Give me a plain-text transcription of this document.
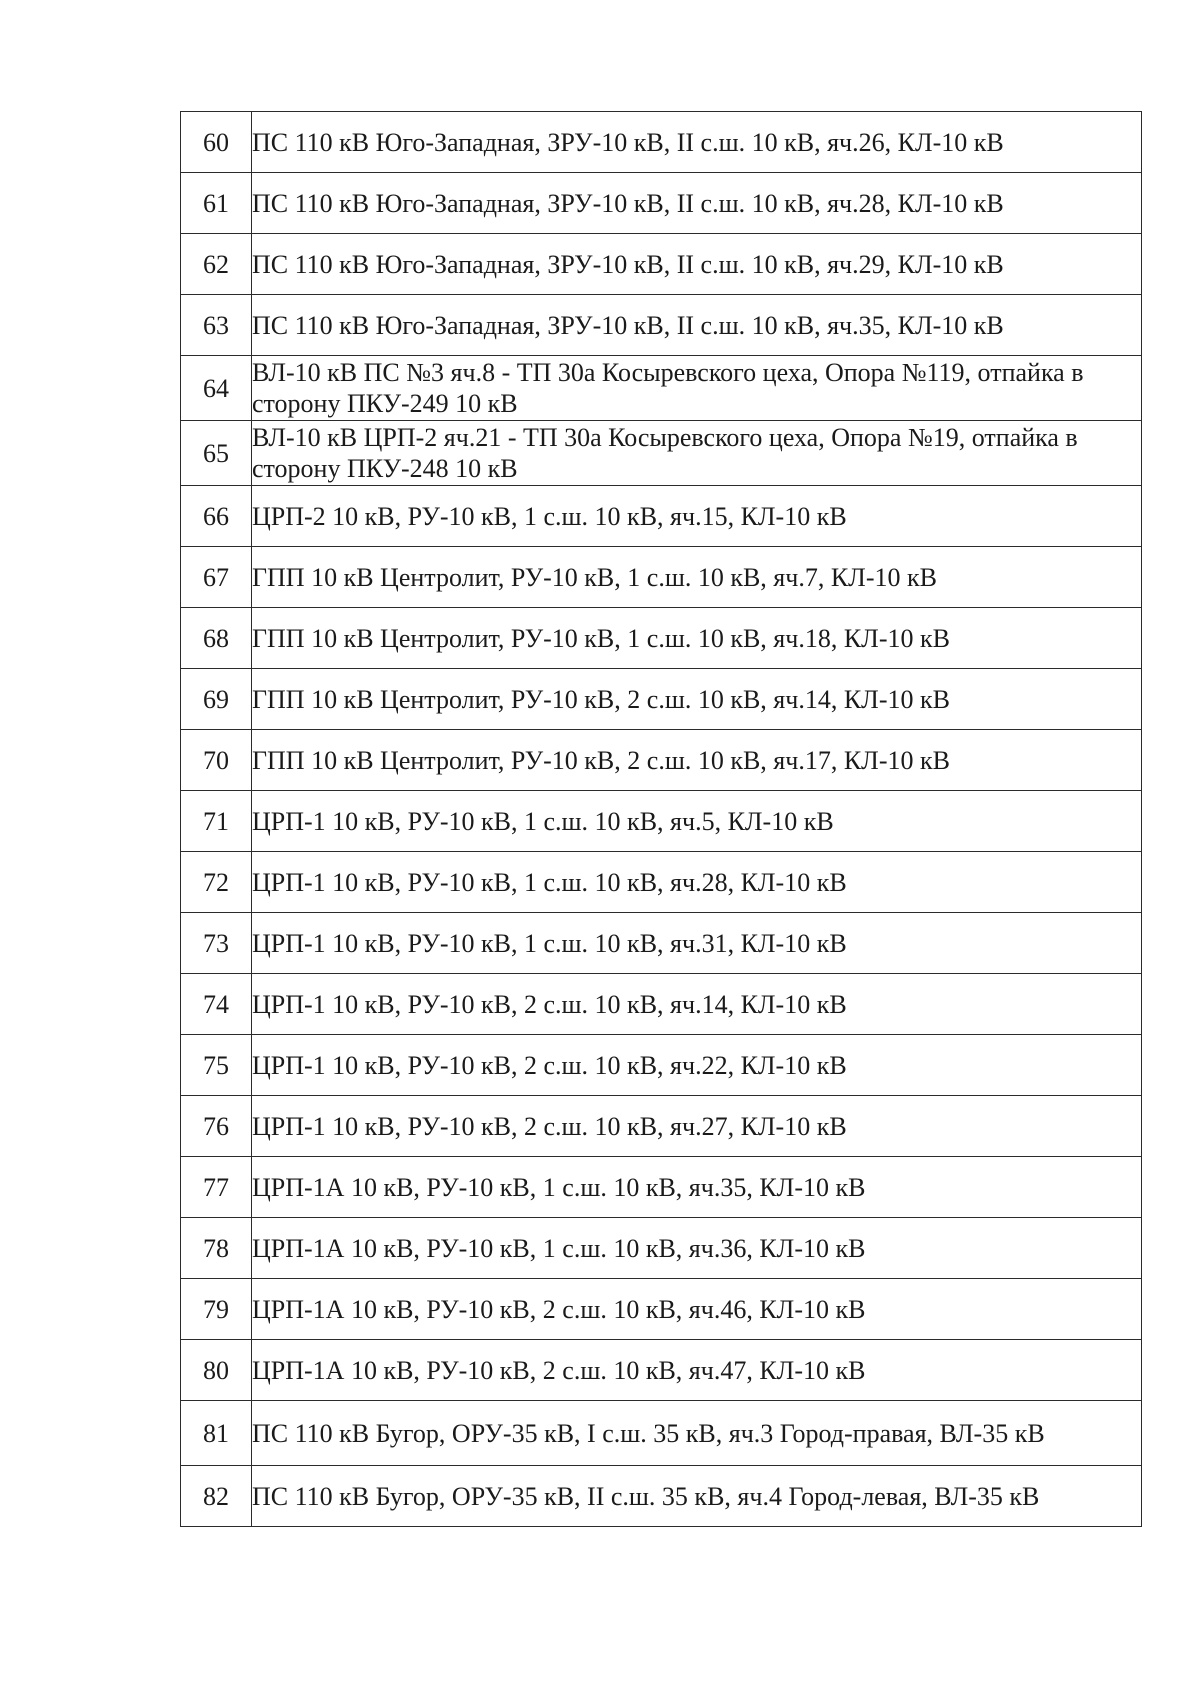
60	ПС 110 кВ Юго-Западная, ЗРУ-10 кВ, II с.ш. 10 кВ, яч.26, КЛ-10 кВ
61	ПС 110 кВ Юго-Западная, ЗРУ-10 кВ, II с.ш. 10 кВ, яч.28, КЛ-10 кВ
62	ПС 110 кВ Юго-Западная, ЗРУ-10 кВ, II с.ш. 10 кВ, яч.29, КЛ-10 кВ
63	ПС 110 кВ Юго-Западная, ЗРУ-10 кВ, II с.ш. 10 кВ, яч.35, КЛ-10 кВ
64	ВЛ-10 кВ ПС №3 яч.8 - ТП 30а Косыревского цеха, Опора №119, отпайка в сторону ПКУ-249 10 кВ
65	ВЛ-10 кВ ЦРП-2 яч.21 - ТП 30а Косыревского цеха, Опора №19, отпайка в сторону ПКУ-248 10 кВ
66	ЦРП-2 10 кВ, РУ-10 кВ, 1 с.ш. 10 кВ, яч.15, КЛ-10 кВ
67	ГПП 10 кВ Центролит, РУ-10 кВ, 1 с.ш. 10 кВ, яч.7, КЛ-10 кВ
68	ГПП 10 кВ Центролит, РУ-10 кВ, 1 с.ш. 10 кВ, яч.18, КЛ-10 кВ
69	ГПП 10 кВ Центролит, РУ-10 кВ, 2 с.ш. 10 кВ, яч.14, КЛ-10 кВ
70	ГПП 10 кВ Центролит, РУ-10 кВ, 2 с.ш. 10 кВ, яч.17, КЛ-10 кВ
71	ЦРП-1 10 кВ, РУ-10 кВ, 1 с.ш. 10 кВ, яч.5, КЛ-10 кВ
72	ЦРП-1 10 кВ, РУ-10 кВ, 1 с.ш. 10 кВ, яч.28, КЛ-10 кВ
73	ЦРП-1 10 кВ, РУ-10 кВ, 1 с.ш. 10 кВ, яч.31, КЛ-10 кВ
74	ЦРП-1 10 кВ, РУ-10 кВ, 2 с.ш. 10 кВ, яч.14, КЛ-10 кВ
75	ЦРП-1 10 кВ, РУ-10 кВ, 2 с.ш. 10 кВ, яч.22, КЛ-10 кВ
76	ЦРП-1 10 кВ, РУ-10 кВ, 2 с.ш. 10 кВ, яч.27, КЛ-10 кВ
77	ЦРП-1А 10 кВ, РУ-10 кВ, 1 с.ш. 10 кВ, яч.35, КЛ-10 кВ
78	ЦРП-1А 10 кВ, РУ-10 кВ, 1 с.ш. 10 кВ, яч.36, КЛ-10 кВ
79	ЦРП-1А 10 кВ, РУ-10 кВ, 2 с.ш. 10 кВ, яч.46, КЛ-10 кВ
80	ЦРП-1А 10 кВ, РУ-10 кВ, 2 с.ш. 10 кВ, яч.47, КЛ-10 кВ
81	ПС 110 кВ Бугор, ОРУ-35 кВ, I с.ш. 35 кВ, яч.3 Город-правая, ВЛ-35 кВ
82	ПС 110 кВ Бугор, ОРУ-35 кВ, II с.ш. 35 кВ, яч.4 Город-левая, ВЛ-35 кВ
